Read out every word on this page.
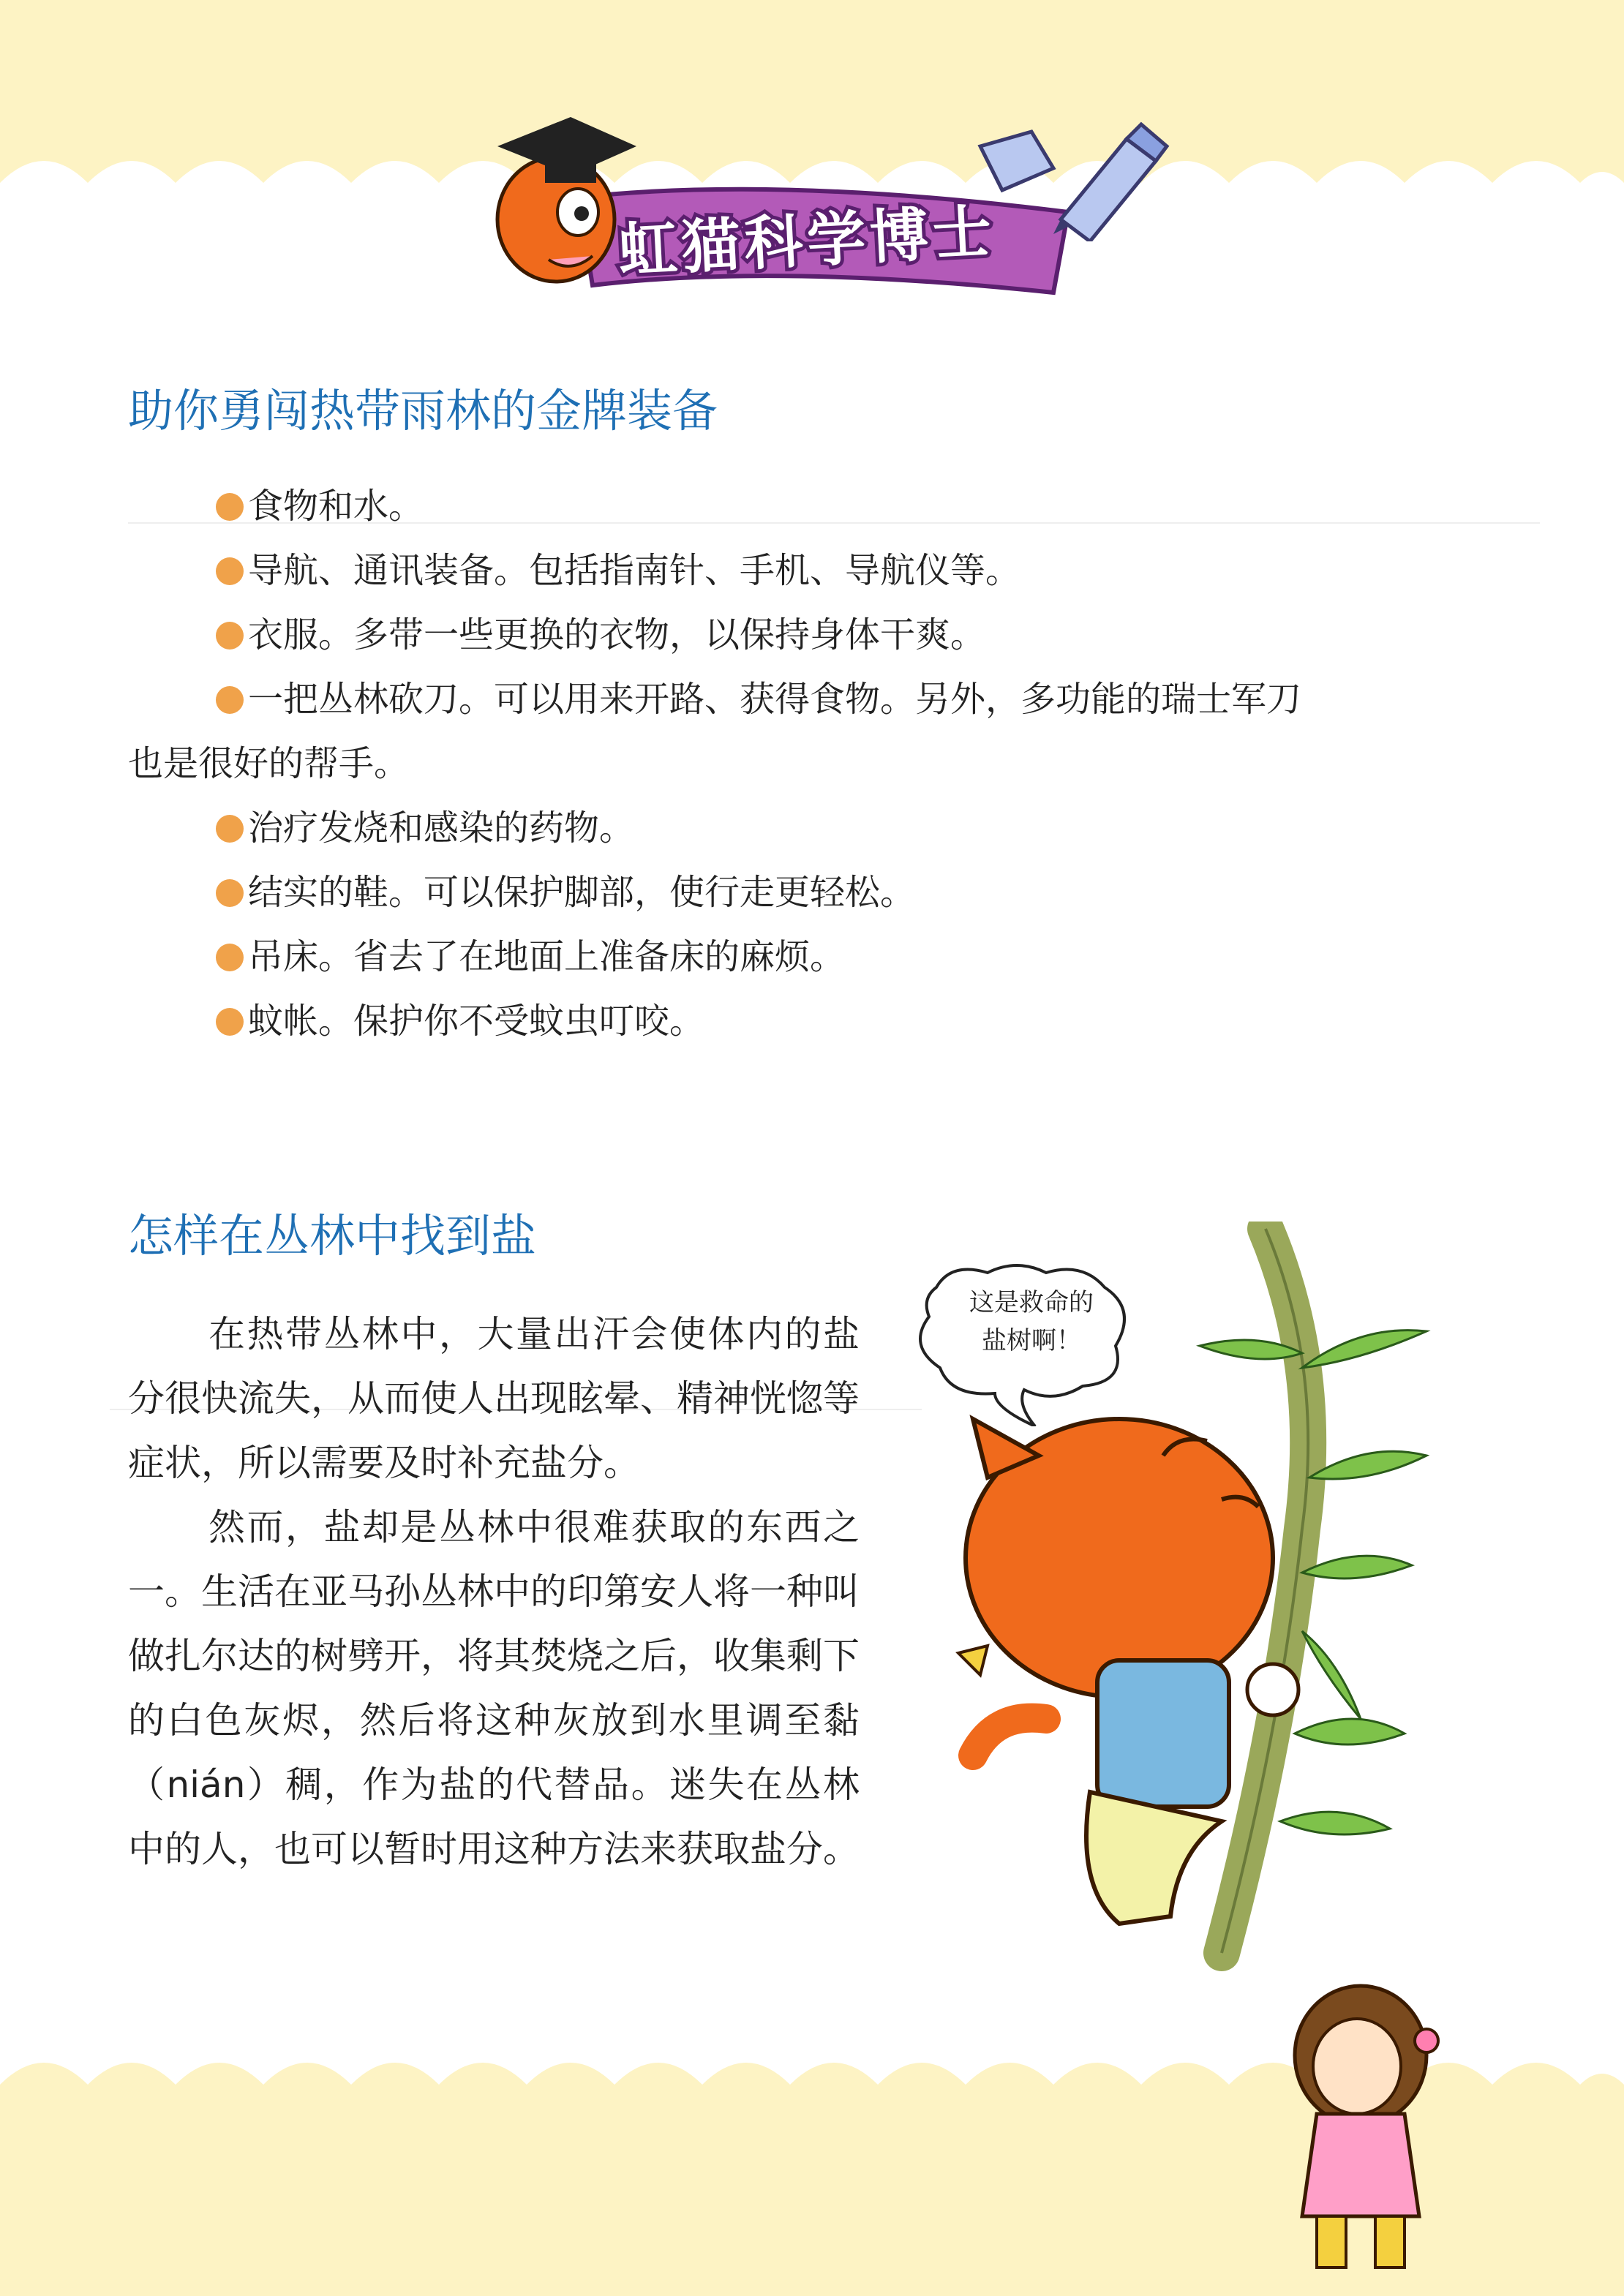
虹猫科学博士
助你勇闯热带雨林的金牌装备

食物和水。

导航、通讯装备。包括指南针、手机、导航仪等。

衣服。多带一些更换的衣物，以保持身体干爽。

一把丛林砍刀。可以用来开路、获得食物。另外，多功能的瑞士军刀

也是很好的帮手。

治疗发烧和感染的药物。

结实的鞋。可以保护脚部，使行走更轻松。

吊床。省去了在地面上准备床的麻烦。

蚊帐。保护你不受蚊虫叮咬。

怎样在丛林中找到盐

在热带丛林中，大量出汗会使体内的盐分很快流失，从而使人出现眩晕、精神恍惚等症状，所以需要及时补充盐分。

然而，盐却是丛林中很难获取的东西之一。生活在亚马孙丛林中的印第安人将一种叫做扎尔达的树劈开，将其焚烧之后，收集剩下的白色灰烬，然后将这种灰放到水里调至黏（nián）稠，作为盐的代替品。迷失在丛林中的人，也可以暂时用这种方法来获取盐分。

这是救命的
盐树啊！
